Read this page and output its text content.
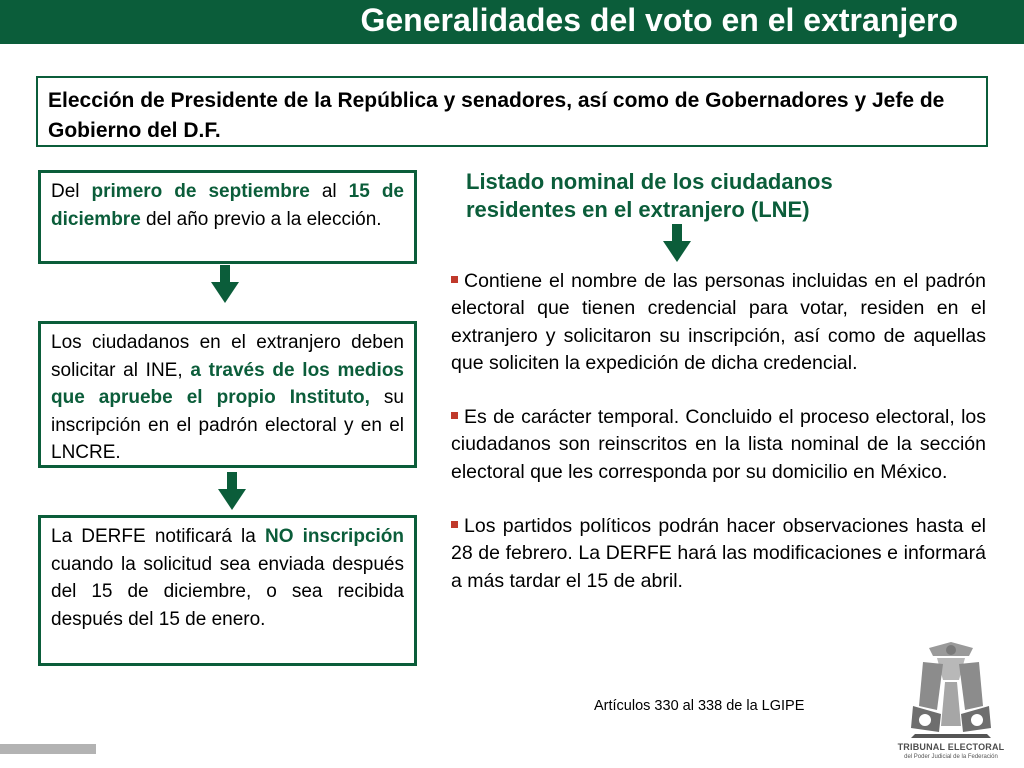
Generalidades del voto en el extranjero
Elección de Presidente de la República y senadores, así como de Gobernadores y Jefe de Gobierno del D.F.
Del primero de septiembre al 15 de diciembre del año previo a la elección.
Los ciudadanos en el extranjero deben solicitar al INE, a través de los medios que apruebe el propio Instituto, su inscripción en el padrón electoral y en el LNCRE.
La DERFE notificará la NO inscripción cuando la solicitud sea enviada después del 15 de diciembre, o sea recibida después del 15 de enero.
Listado nominal de los ciudadanos residentes en el extranjero (LNE)
Contiene el nombre de las personas incluidas en el padrón electoral que tienen credencial para votar, residen en el extranjero y solicitaron su inscripción, así como de aquellas que soliciten la expedición de dicha credencial.
Es de carácter temporal. Concluido el proceso electoral, los ciudadanos son reinscritos en la lista nominal de la sección electoral que les corresponda por su domicilio en México.
Los partidos políticos podrán hacer observaciones hasta el 28 de febrero. La DERFE hará las modificaciones e informará a más tardar el 15 de abril.
Artículos 330 al 338 de la LGIPE
TRIBUNAL ELECTORAL
del Poder Judicial de la Federación
